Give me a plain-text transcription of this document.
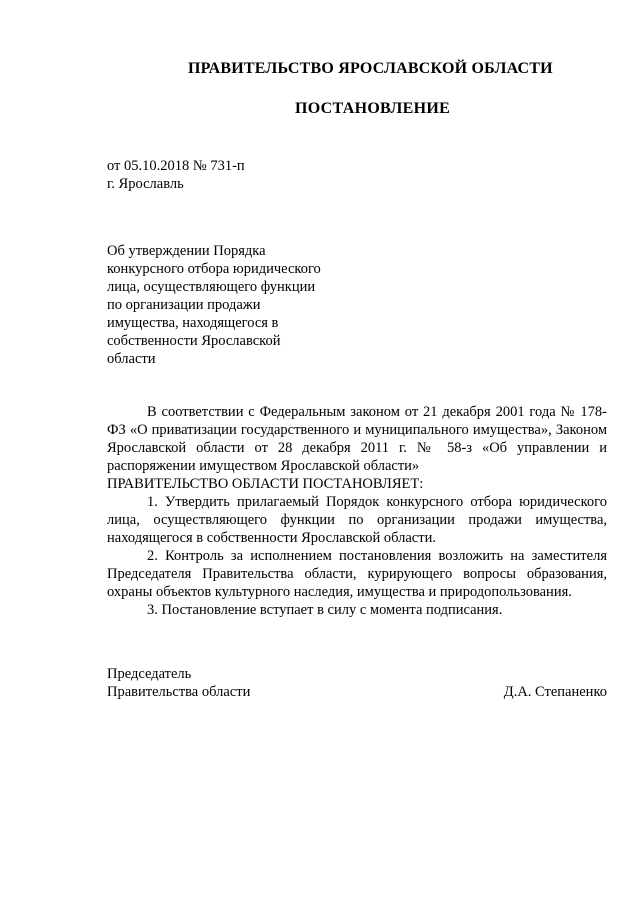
ПРАВИТЕЛЬСТВО ЯРОСЛАВСКОЙ ОБЛАСТИ
ПОСТАНОВЛЕНИЕ
от 05.10.2018 № 731-п
г. Ярославль
Об утверждении Порядка
конкурсного отбора юридического
лица, осуществляющего функции
по организации продажи
имущества, находящегося в
собственности Ярославской
области

В соответствии с Федеральным законом от 21 декабря 2001 года № 178-ФЗ «О приватизации государственного и муниципального имущества», Законом Ярославской области от 28 декабря 2011 г. № 58-з «Об управлении и распоряжении имуществом Ярославской области»

ПРАВИТЕЛЬСТВО ОБЛАСТИ ПОСТАНОВЛЯЕТ:

1. Утвердить прилагаемый Порядок конкурсного отбора юридического лица, осуществляющего функции по организации продажи имущества, находящегося в собственности Ярославской области.

2. Контроль за исполнением постановления возложить на заместителя Председателя Правительства области, курирующего вопросы образования, охраны объектов культурного наследия, имущества и природопользования.

3. Постановление вступает в силу с момента подписания.

Председатель
Правительства области	Д.А. Степаненко
